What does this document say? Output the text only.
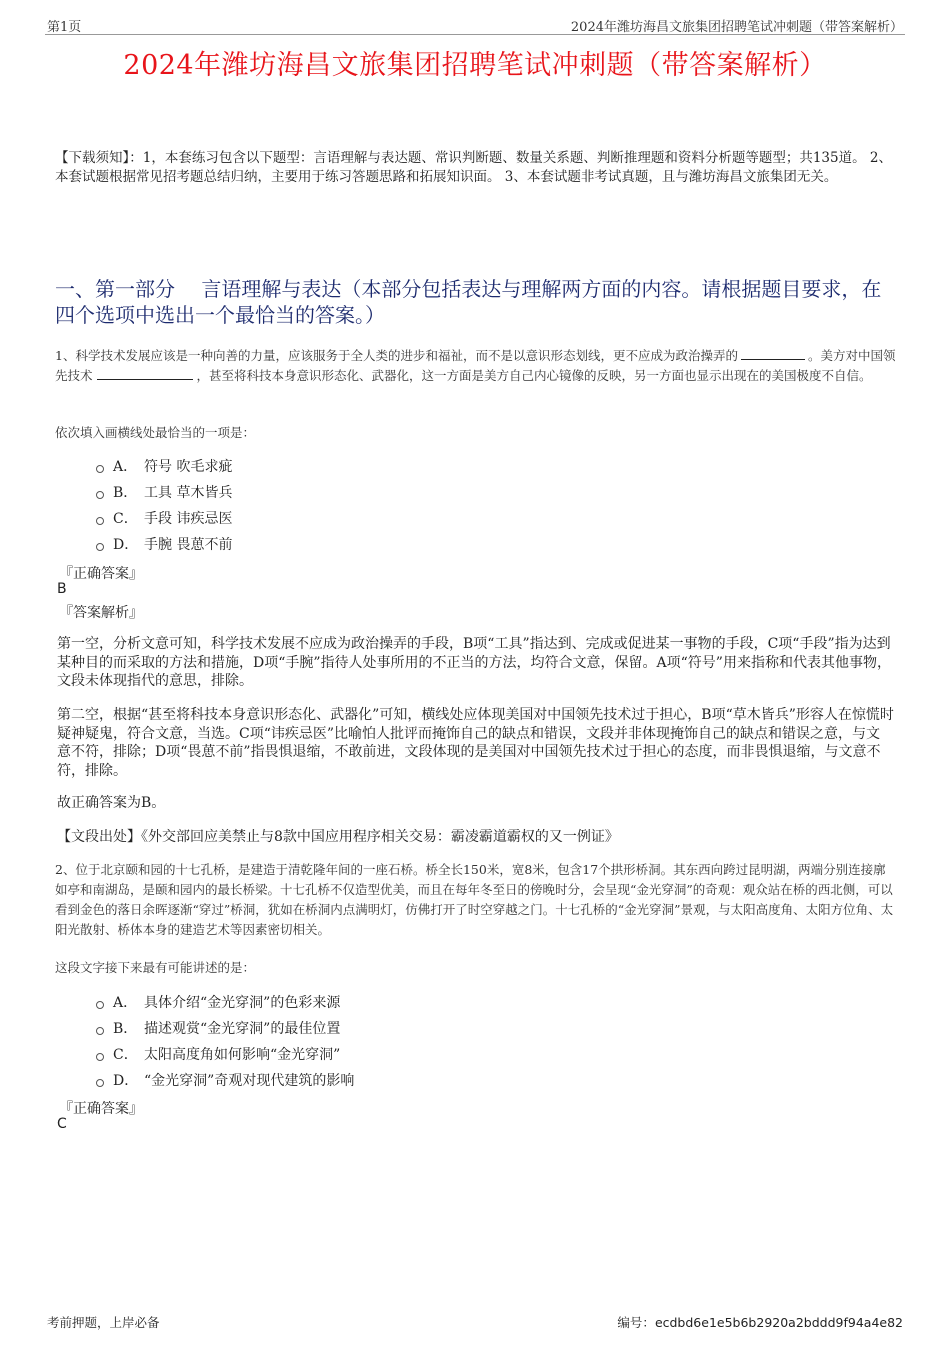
第1页	2024年潍坊海昌文旅集团招聘笔试冲刺题（带答案解析）
2024年潍坊海昌文旅集团招聘笔试冲刺题（带答案解析）
【下载须知】：1，本套练习包含以下题型：言语理解与表达题、常识判断题、数量关系题、判断推理题和资料分析题等题型；共135道。 2、本套试题根据常见招考题总结归纳，主要用于练习答题思路和拓展知识面。 3、本套试题非考试真题，且与潍坊海昌文旅集团无关。
一、第一部分　 言语理解与表达（本部分包括表达与理解两方面的内容。请根据题目要求，在四个选项中选出一个最恰当的答案。）
1、科学技术发展应该是一种向善的力量，应该服务于全人类的进步和福祉，而不是以意识形态划线，更不应成为政治操弄的	。美方对中国领先技术	，甚至将科技本身意识形态化、武器化，这一方面是美方自己内心镜像的反映，另一方面也显示出现在的美国极度不自信。
依次填入画横线处最恰当的一项是：
A． 符号 吹毛求疵
B． 工具 草木皆兵
C． 手段 讳疾忌医
D． 手腕 畏葸不前
『正确答案』
B
『答案解析』
第一空，分析文意可知，科学技术发展不应成为政治操弄的手段，B项“工具”指达到、完成或促进某一事物的手段，C项“手段”指为达到某种目的而采取的方法和措施，D项“手腕”指待人处事所用的不正当的方法，均符合文意，保留。A项“符号”用来指称和代表其他事物，文段未体现指代的意思，排除。
第二空，根据“甚至将科技本身意识形态化、武器化”可知，横线处应体现美国对中国领先技术过于担心，B项“草木皆兵”形容人在惊慌时疑神疑鬼，符合文意，当选。C项“讳疾忌医”比喻怕人批评而掩饰自己的缺点和错误，文段并非体现掩饰自己的缺点和错误之意，与文意不符，排除；D项“畏葸不前”指畏惧退缩，不敢前进，文段体现的是美国对中国领先技术过于担心的态度，而非畏惧退缩，与文意不符，排除。
故正确答案为B。
【文段出处】《外交部回应美禁止与8款中国应用程序相关交易：霸凌霸道霸权的又一例证》
2、位于北京颐和园的十七孔桥，是建造于清乾隆年间的一座石桥。桥全长150米，宽8米，包含17个拱形桥洞。其东西向跨过昆明湖，两端分别连接廓如亭和南湖岛，是颐和园内的最长桥梁。十七孔桥不仅造型优美，而且在每年冬至日的傍晚时分，会呈现“金光穿洞”的奇观：观众站在桥的西北侧，可以看到金色的落日余晖逐渐“穿过”桥洞，犹如在桥洞内点满明灯，仿佛打开了时空穿越之门。十七孔桥的“金光穿洞”景观，与太阳高度角、太阳方位角、太阳光散射、桥体本身的建造艺术等因素密切相关。
这段文字接下来最有可能讲述的是：
A． 具体介绍“金光穿洞”的色彩来源
B． 描述观赏“金光穿洞”的最佳位置
C． 太阳高度角如何影响“金光穿洞”
D． “金光穿洞”奇观对现代建筑的影响
『正确答案』
C
考前押题，上岸必备	编号：ecdbd6e1e5b6b2920a2bddd9f94a4e82
